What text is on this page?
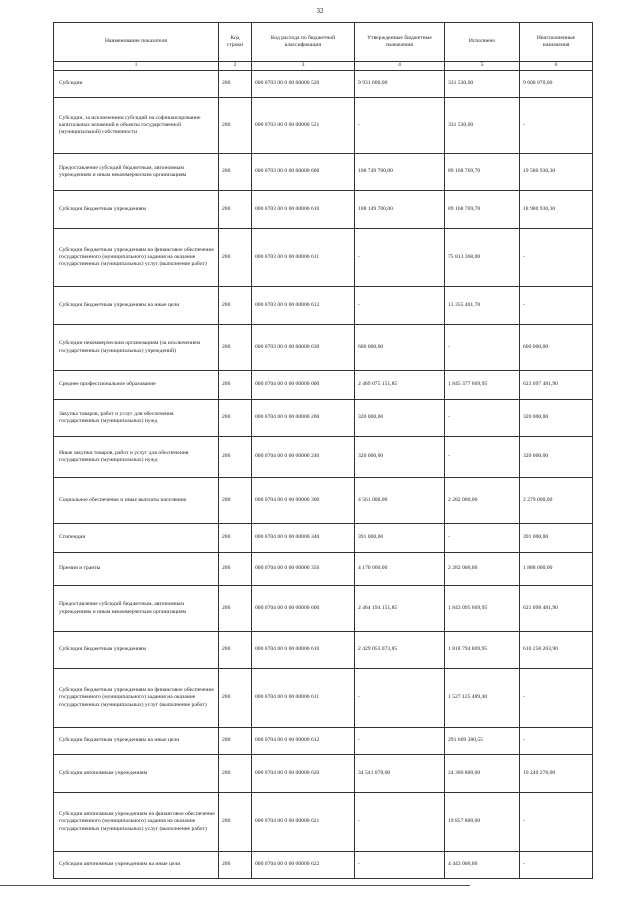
32
Наименование показателя	Код строки	Код расхода по бюджетной классификации	Утвержденные бюджетные назначения	Исполнено	Неисполненные назначения
1	2	3	4	5	6
Субсидии	200	000 0703 00 0 00 00000 520	9 931 600,00	331 530,00	9 600 070,00
Субсидии, за исключением субсидий на софинансирование капитальных вложений в объекты государственной (муниципальной) собственности	200	000 0703 00 0 00 00000 521	-	331 530,00	-
Предоставление субсидий бюджетным, автономным учреждениям и иным некоммерческим организациям	200	000 0703 00 0 00 00000 600	108 749 700,00	89 168 769,70	19 580 930,30
Субсидии бюджетным учреждениям	200	000 0703 00 0 00 00000 610	108 149 700,00	89 168 769,70	18 980 930,30
Субсидии бюджетным учреждениям на финансовое обеспечение государственного (муниципального) задания на оказание государственных (муниципальных) услуг (выполнение работ)	200	000 0703 00 0 00 00000 611	-	75 813 368,00	-
Субсидии бюджетным учреждениям на иные цели	200	000 0703 00 0 00 00000 612	-	13 355 401,70	-
Субсидии некоммерческим организациям (за исключением государственных (муниципальных) учреждений)	200	000 0703 00 0 00 00000 630	600 000,00	-	600 000,00
Среднее профессиональное образование	200	000 0704 00 0 00 00000 000	2 469 075 151,85	1 845 377 669,95	623 697 481,90
Закупка товаров, работ и услуг для обеспечения государственных (муниципальных) нужд	200	000 0704 00 0 00 00000 200	320 000,00	-	320 000,00
Иные закупки товаров, работ и услуг для обеспечения государственных (муниципальных) нужд	200	000 0704 00 0 00 00000 240	320 000,00	-	320 000,00
Социальное обеспечение и иные выплаты населению	200	000 0704 00 0 00 00000 300	4 561 000,00	2 282 000,00	2 279 000,00
Стипендии	200	000 0704 00 0 00 00000 340	391 000,00	-	391 000,00
Премии и гранты	200	000 0704 00 0 00 00000 350	4 170 000,00	2 282 000,00	1 888 000,00
Предоставление субсидий бюджетным, автономным учреждениям и иным некоммерческим организациям	200	000 0704 00 0 00 00000 600	2 464 194 151,85	1 843 095 669,95	621 098 481,90
Субсидии бюджетным учреждениям	200	000 0704 00 0 00 00000 610	2 429 053 073,85	1 818 794 869,95	610 258 203,90
Субсидии бюджетным учреждениям на финансовое обеспечение государственного (муниципального) задания на оказание государственных (муниципальных) услуг (выполнение работ)	200	000 0704 00 0 00 00000 611	-	1 527 125 489,40	-
Субсидии бюджетным учреждениям на иные цели	200	000 0704 00 0 00 00000 612	-	291 669 380,55	-
Субсидии автономным учреждениям	200	000 0704 00 0 00 00000 620	34 541 078,00	24 300 800,00	10 240 278,00
Субсидии автономным учреждениям на финансовое обеспечение государственного (муниципального) задания на оказание государственных (муниципальных) услуг (выполнение работ)	200	000 0704 00 0 00 00000 621	-	19 857 800,00	-
Субсидии автономным учреждениям на иные цели	200	000 0704 00 0 00 00000 622	-	4 443 000,00	-
